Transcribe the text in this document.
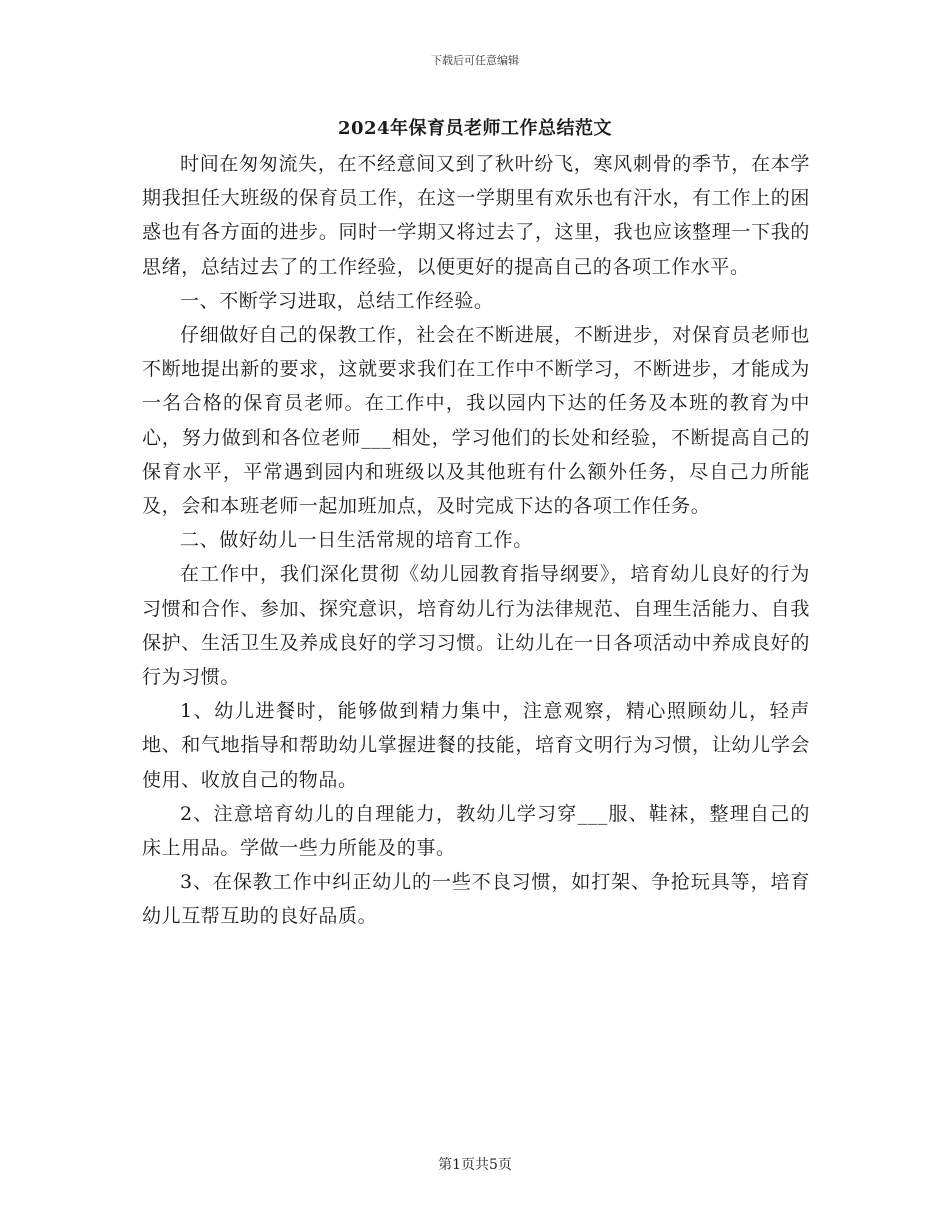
下载后可任意编辑
2024年保育员老师工作总结范文

时间在匆匆流失，在不经意间又到了秋叶纷飞，寒风刺骨的季节，在本学期我担任大班级的保育员工作，在这一学期里有欢乐也有汗水，有工作上的困惑也有各方面的进步。同时一学期又将过去了，这里，我也应该整理一下我的思绪，总结过去了的工作经验，以便更好的提高自己的各项工作水平。

一、不断学习进取，总结工作经验。

仔细做好自己的保教工作，社会在不断进展，不断进步，对保育员老师也不断地提出新的要求，这就要求我们在工作中不断学习，不断进步，才能成为一名合格的保育员老师。在工作中，我以园内下达的任务及本班的教育为中心，努力做到和各位老师___相处，学习他们的长处和经验，不断提高自己的保育水平，平常遇到园内和班级以及其他班有什么额外任务，尽自己力所能及，会和本班老师一起加班加点，及时完成下达的各项工作任务。

二、做好幼儿一日生活常规的培育工作。

在工作中，我们深化贯彻《幼儿园教育指导纲要》，培育幼儿良好的行为习惯和合作、参加、探究意识，培育幼儿行为法律规范、自理生活能力、自我保护、生活卫生及养成良好的学习习惯。让幼儿在一日各项活动中养成良好的行为习惯。

1、幼儿进餐时，能够做到精力集中，注意观察，精心照顾幼儿，轻声地、和气地指导和帮助幼儿掌握进餐的技能，培育文明行为习惯，让幼儿学会使用、收放自己的物品。

2、注意培育幼儿的自理能力，教幼儿学习穿___服、鞋袜，整理自己的床上用品。学做一些力所能及的事。

3、在保教工作中纠正幼儿的一些不良习惯，如打架、争抢玩具等，培育幼儿互帮互助的良好品质。

第1页共5页
